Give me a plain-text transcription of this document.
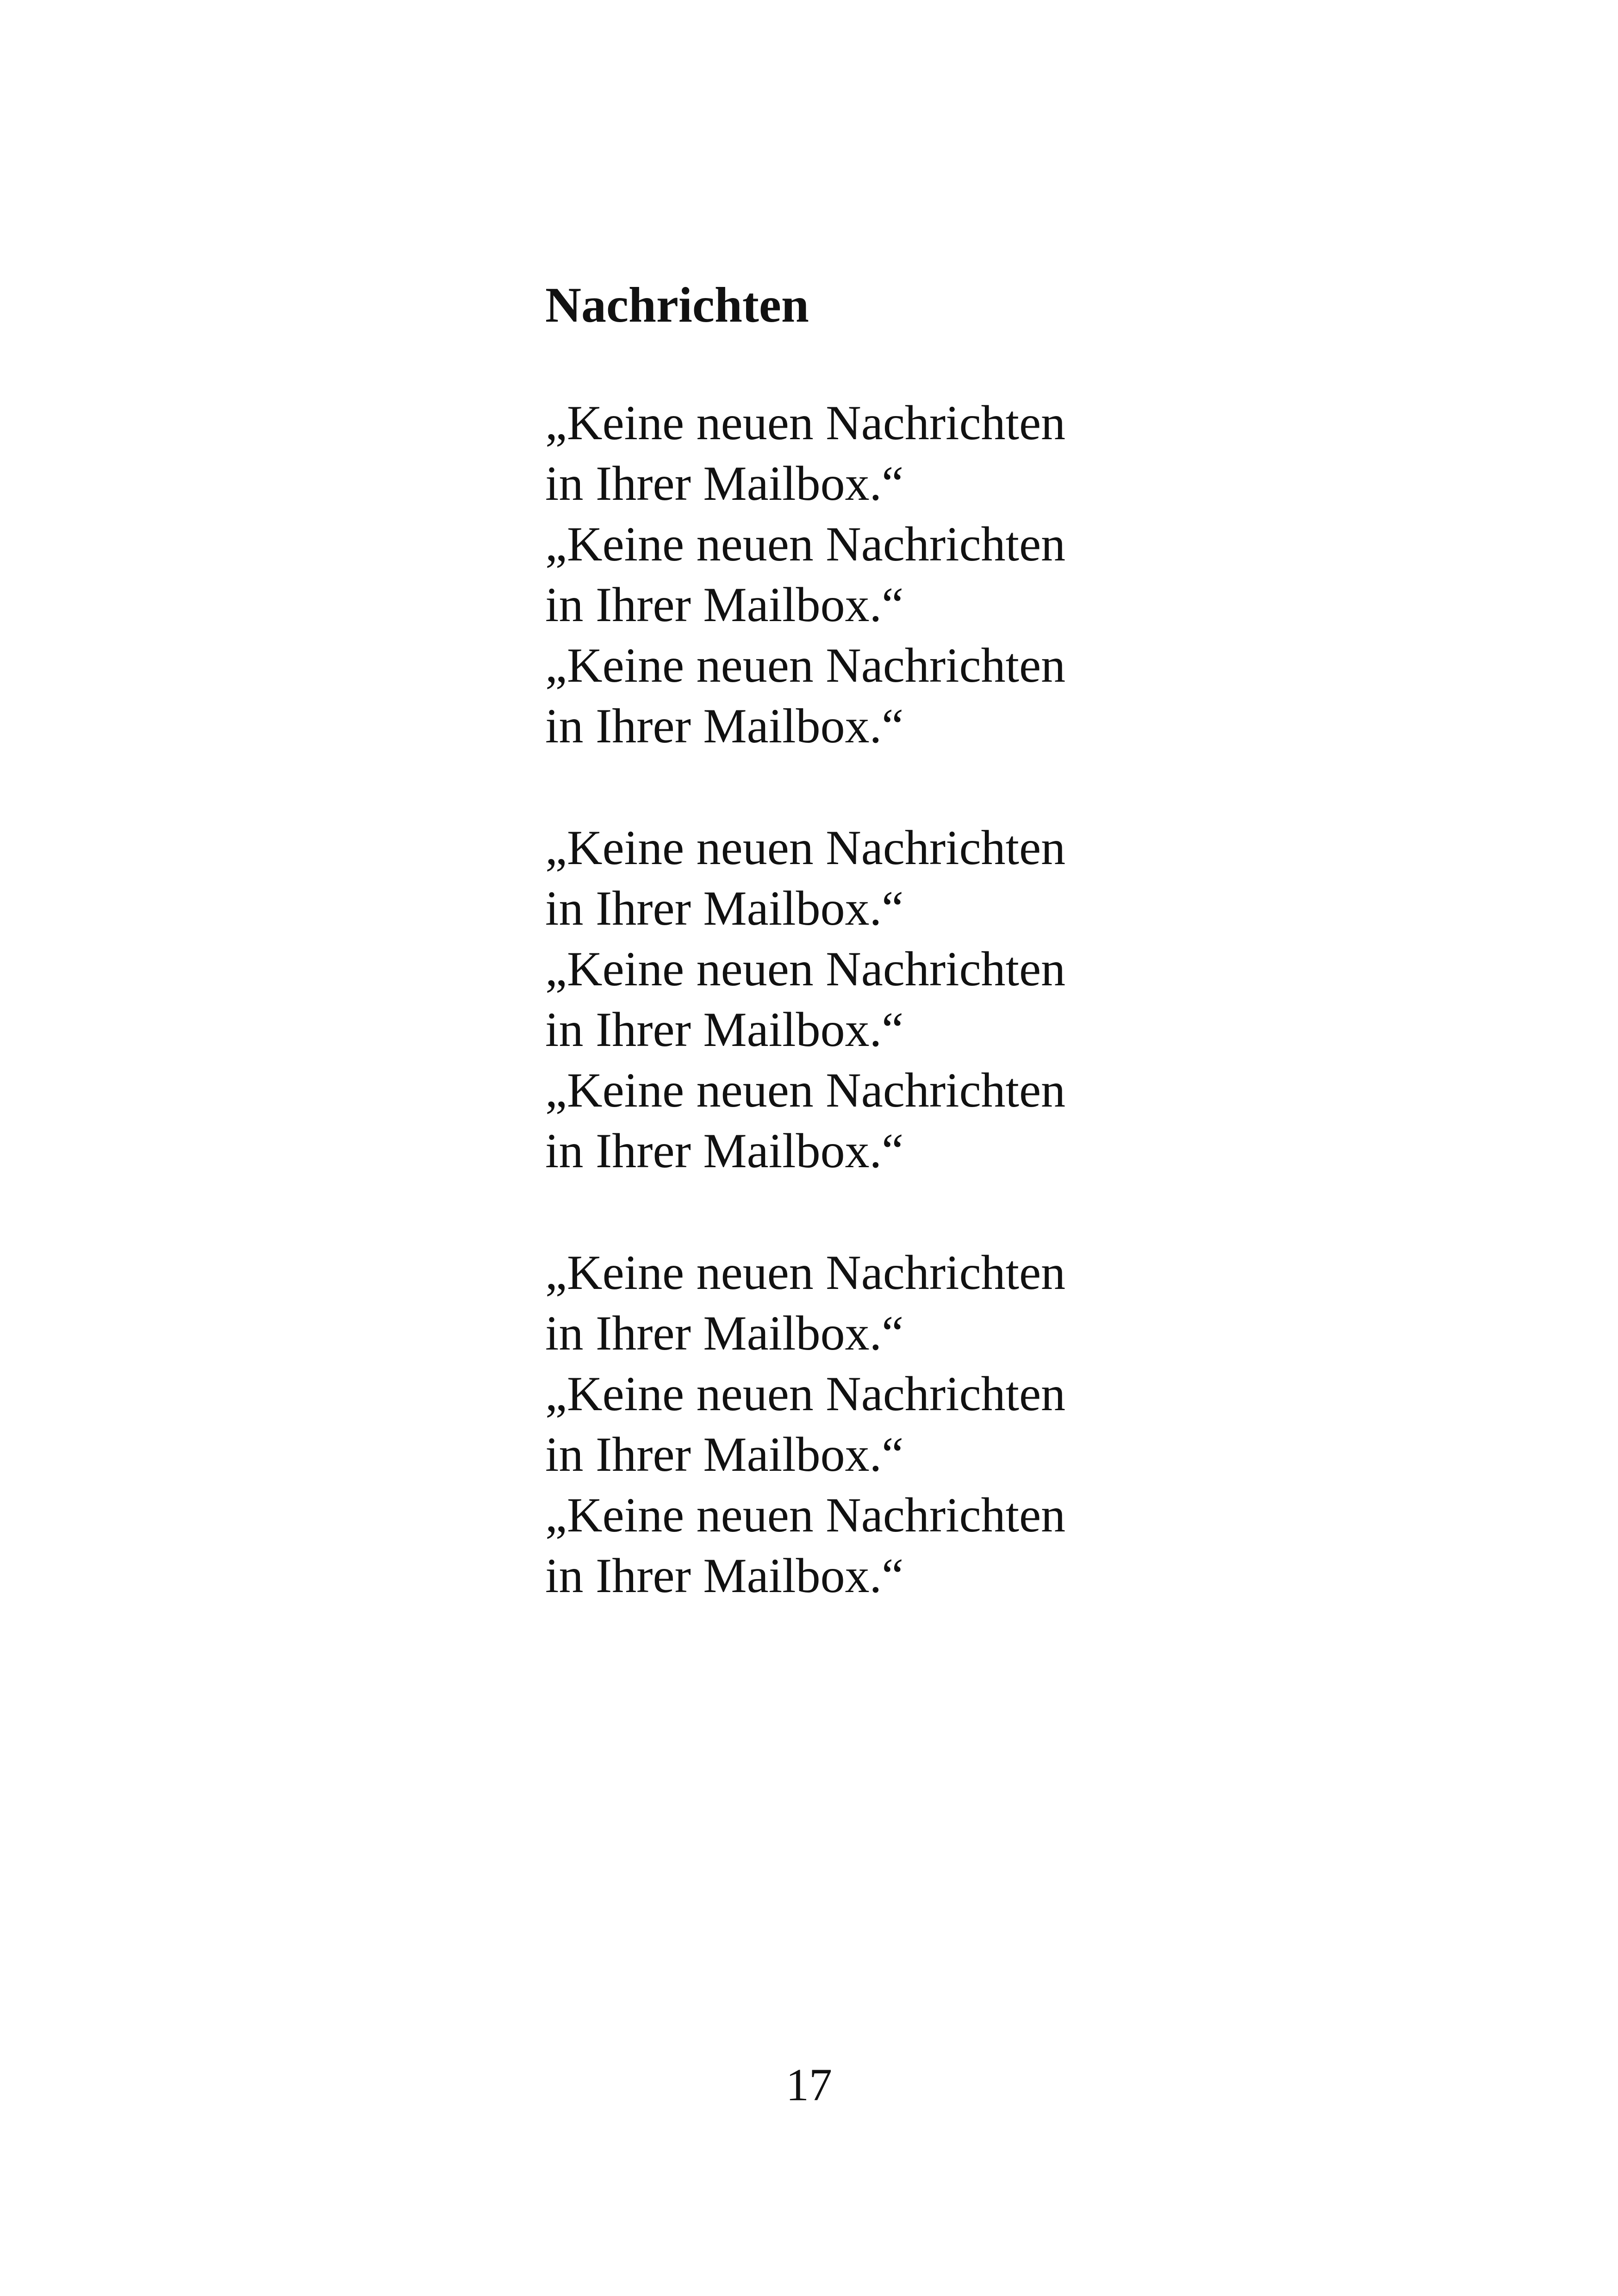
Nachrichten
„Keine neuen Nachrichten
in Ihrer Mailbox.“
„Keine neuen Nachrichten
in Ihrer Mailbox.“
„Keine neuen Nachrichten
in Ihrer Mailbox.“
„Keine neuen Nachrichten
in Ihrer Mailbox.“
„Keine neuen Nachrichten
in Ihrer Mailbox.“
„Keine neuen Nachrichten
in Ihrer Mailbox.“
„Keine neuen Nachrichten
in Ihrer Mailbox.“
„Keine neuen Nachrichten
in Ihrer Mailbox.“
„Keine neuen Nachrichten
in Ihrer Mailbox.“
17
